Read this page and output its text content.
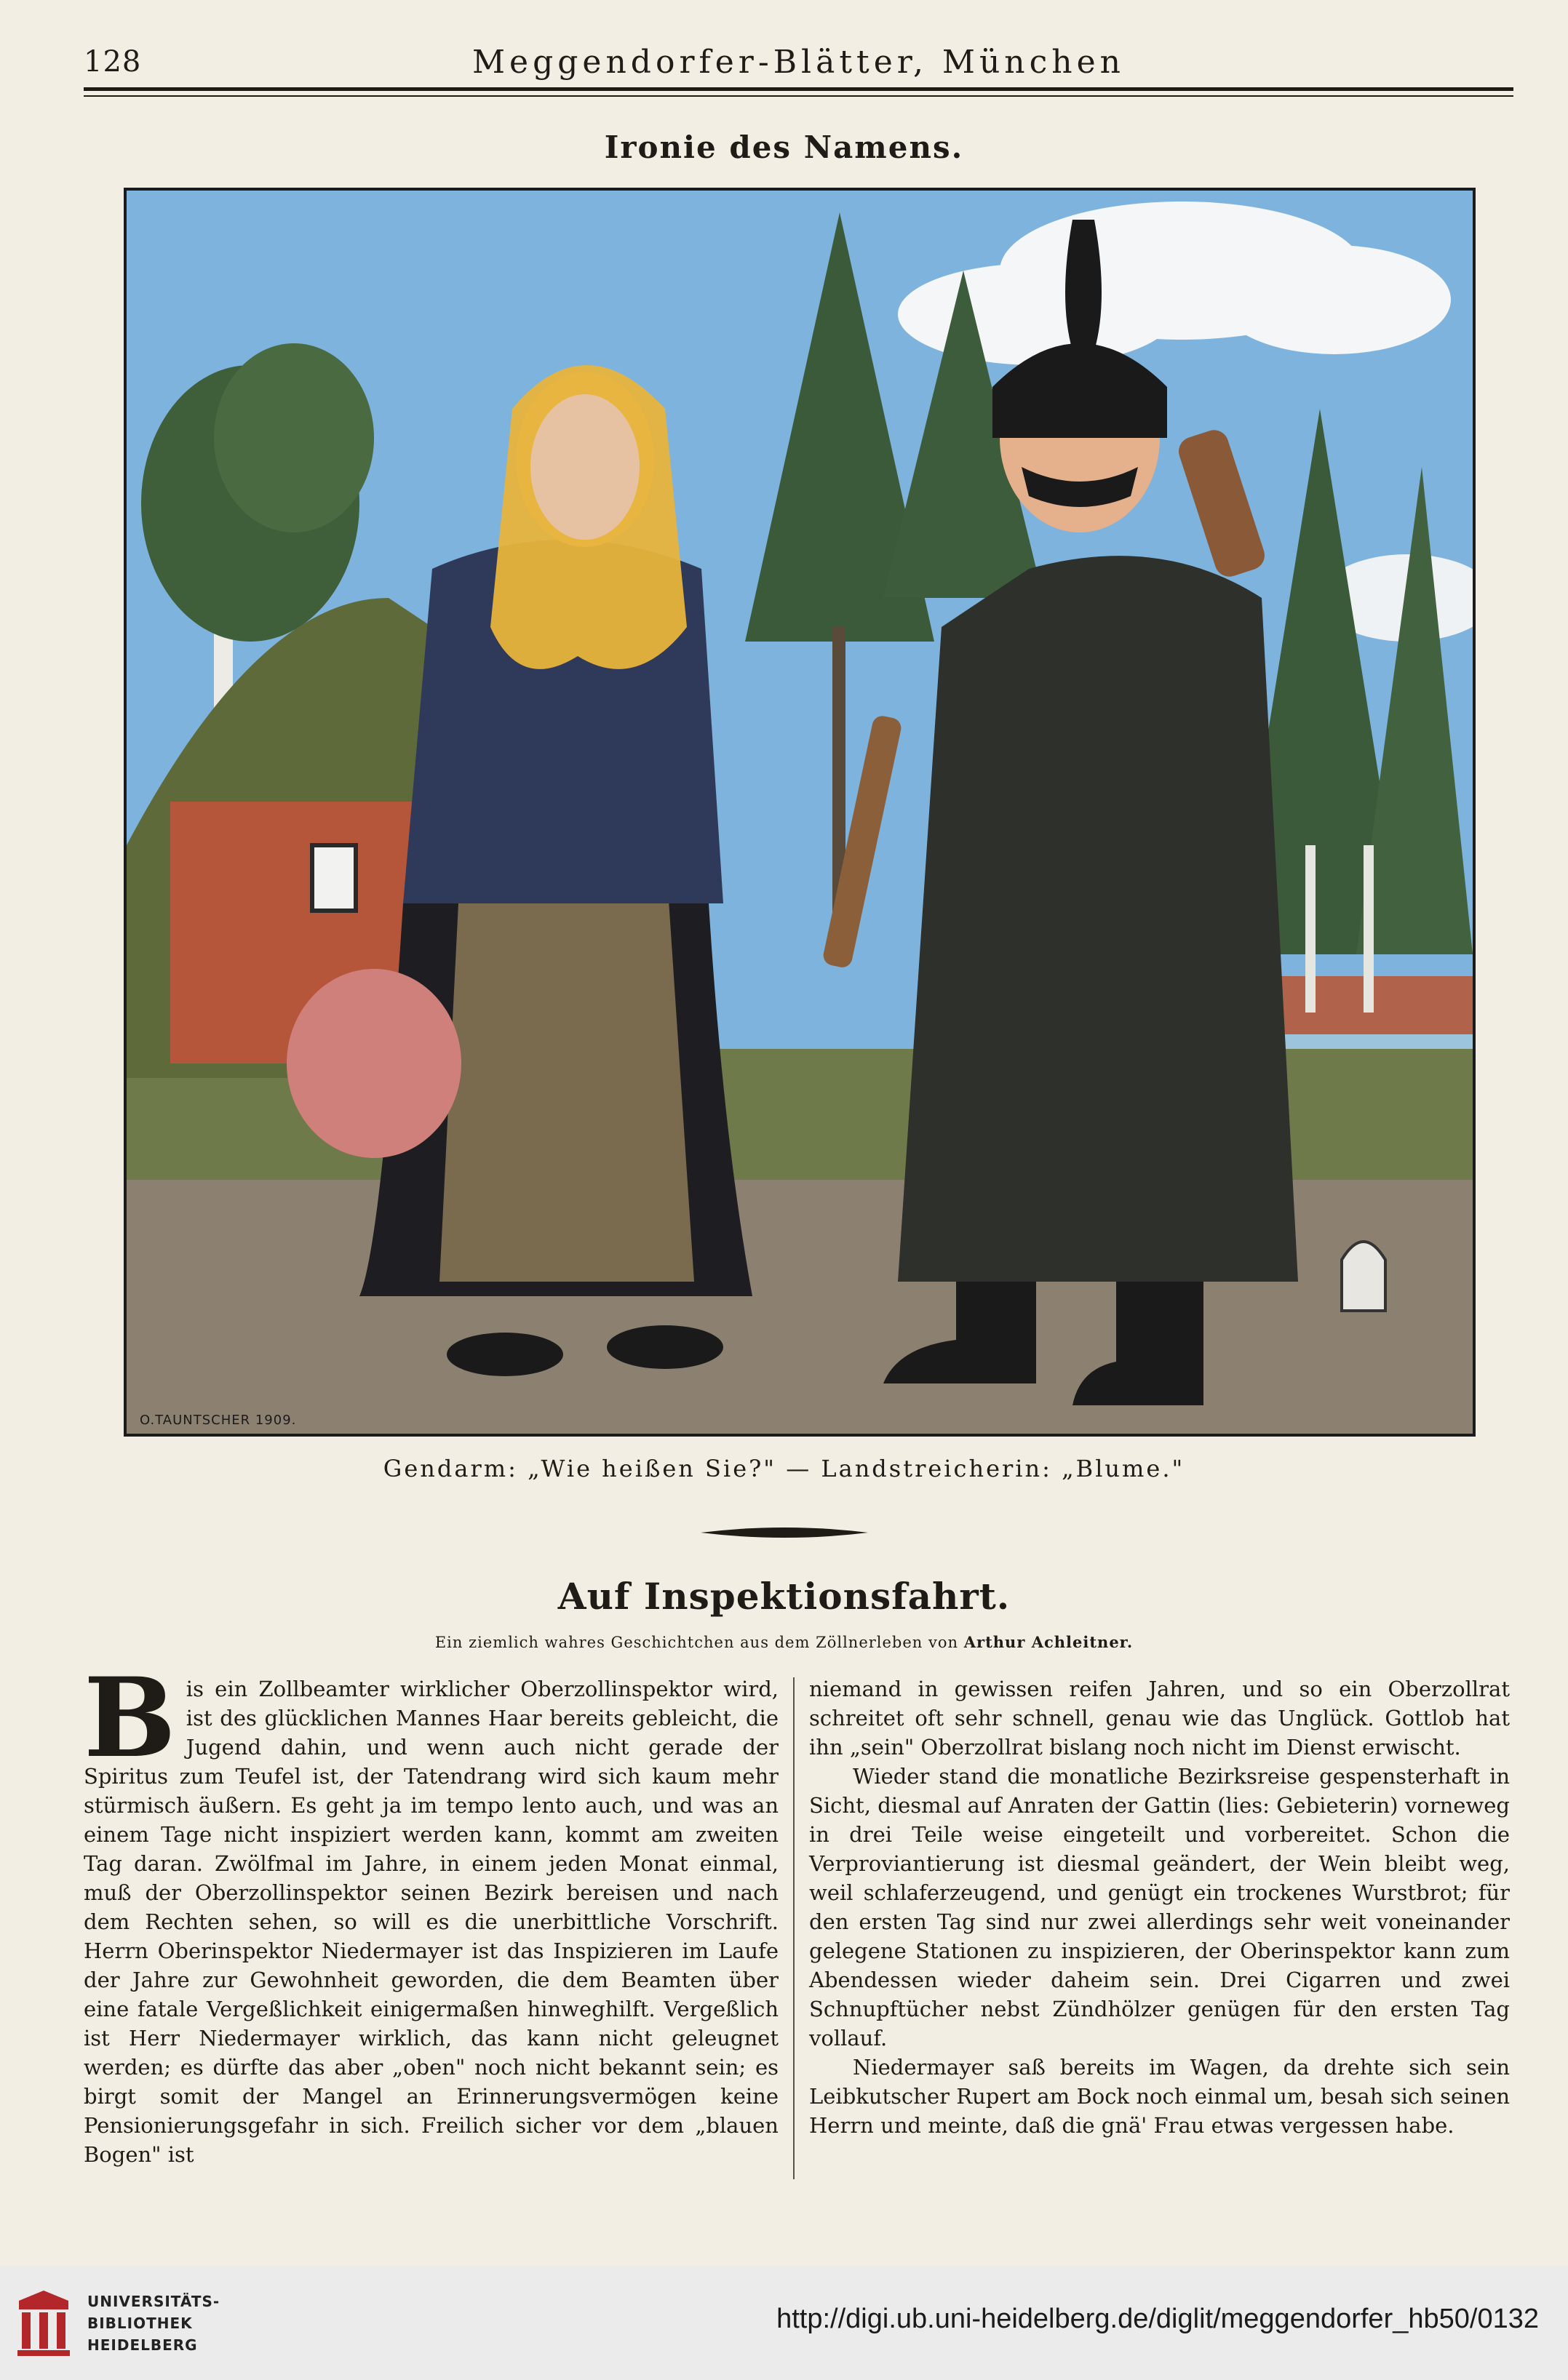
128	Meggendorfer-Blätter, München
Ironie des Namens.
O.TAUNTSCHER 1909.
Gendarm: „Wie heißen Sie?" — Landstreicherin: „Blume."
Auf Inspektionsfahrt.
Ein ziemlich wahres Geschichtchen aus dem Zöllnerleben von Arthur Achleitner.

Bis ein Zollbeamter wirklicher Oberzollinspektor wird, ist des glücklichen Mannes Haar bereits gebleicht, die Jugend dahin, und wenn auch nicht gerade der Spiritus zum Teufel ist, der Tatendrang wird sich kaum mehr stürmisch äußern. Es geht ja im tempo lento auch, und was an einem Tage nicht inspiziert werden kann, kommt am zweiten Tag daran. Zwölfmal im Jahre, in einem jeden Monat einmal, muß der Oberzollinspektor seinen Bezirk bereisen und nach dem Rechten sehen, so will es die unerbittliche Vorschrift. Herrn Oberinspektor Niedermayer ist das Inspizieren im Laufe der Jahre zur Gewohnheit geworden, die dem Beamten über eine fatale Vergeßlichkeit einigermaßen hinweghilft. Vergeßlich ist Herr Niedermayer wirklich, das kann nicht geleugnet werden; es dürfte das aber „oben" noch nicht bekannt sein; es birgt somit der Mangel an Erinnerungsvermögen keine Pensionierungsgefahr in sich. Freilich sicher vor dem „blauen Bogen" ist

niemand in gewissen reifen Jahren, und so ein Oberzollrat schreitet oft sehr schnell, genau wie das Unglück. Gottlob hat ihn „sein" Oberzollrat bislang noch nicht im Dienst erwischt.

Wieder stand die monatliche Bezirksreise gespensterhaft in Sicht, diesmal auf Anraten der Gattin (lies: Gebieterin) vorneweg in drei Teile weise eingeteilt und vorbereitet. Schon die Verproviantierung ist diesmal geändert, der Wein bleibt weg, weil schlaferzeugend, und genügt ein trockenes Wurstbrot; für den ersten Tag sind nur zwei allerdings sehr weit voneinander gelegene Stationen zu inspizieren, der Oberinspektor kann zum Abendessen wieder daheim sein. Drei Cigarren und zwei Schnupftücher nebst Zündhölzer genügen für den ersten Tag vollauf.

Niedermayer saß bereits im Wagen, da drehte sich sein Leibkutscher Rupert am Bock noch einmal um, besah sich seinen Herrn und meinte, daß die gnä' Frau etwas vergessen habe.

UNIVERSITÄTS-
BIBLIOTHEK
HEIDELBERG
http://digi.ub.uni-heidelberg.de/diglit/meggendorfer_hb50/0132
